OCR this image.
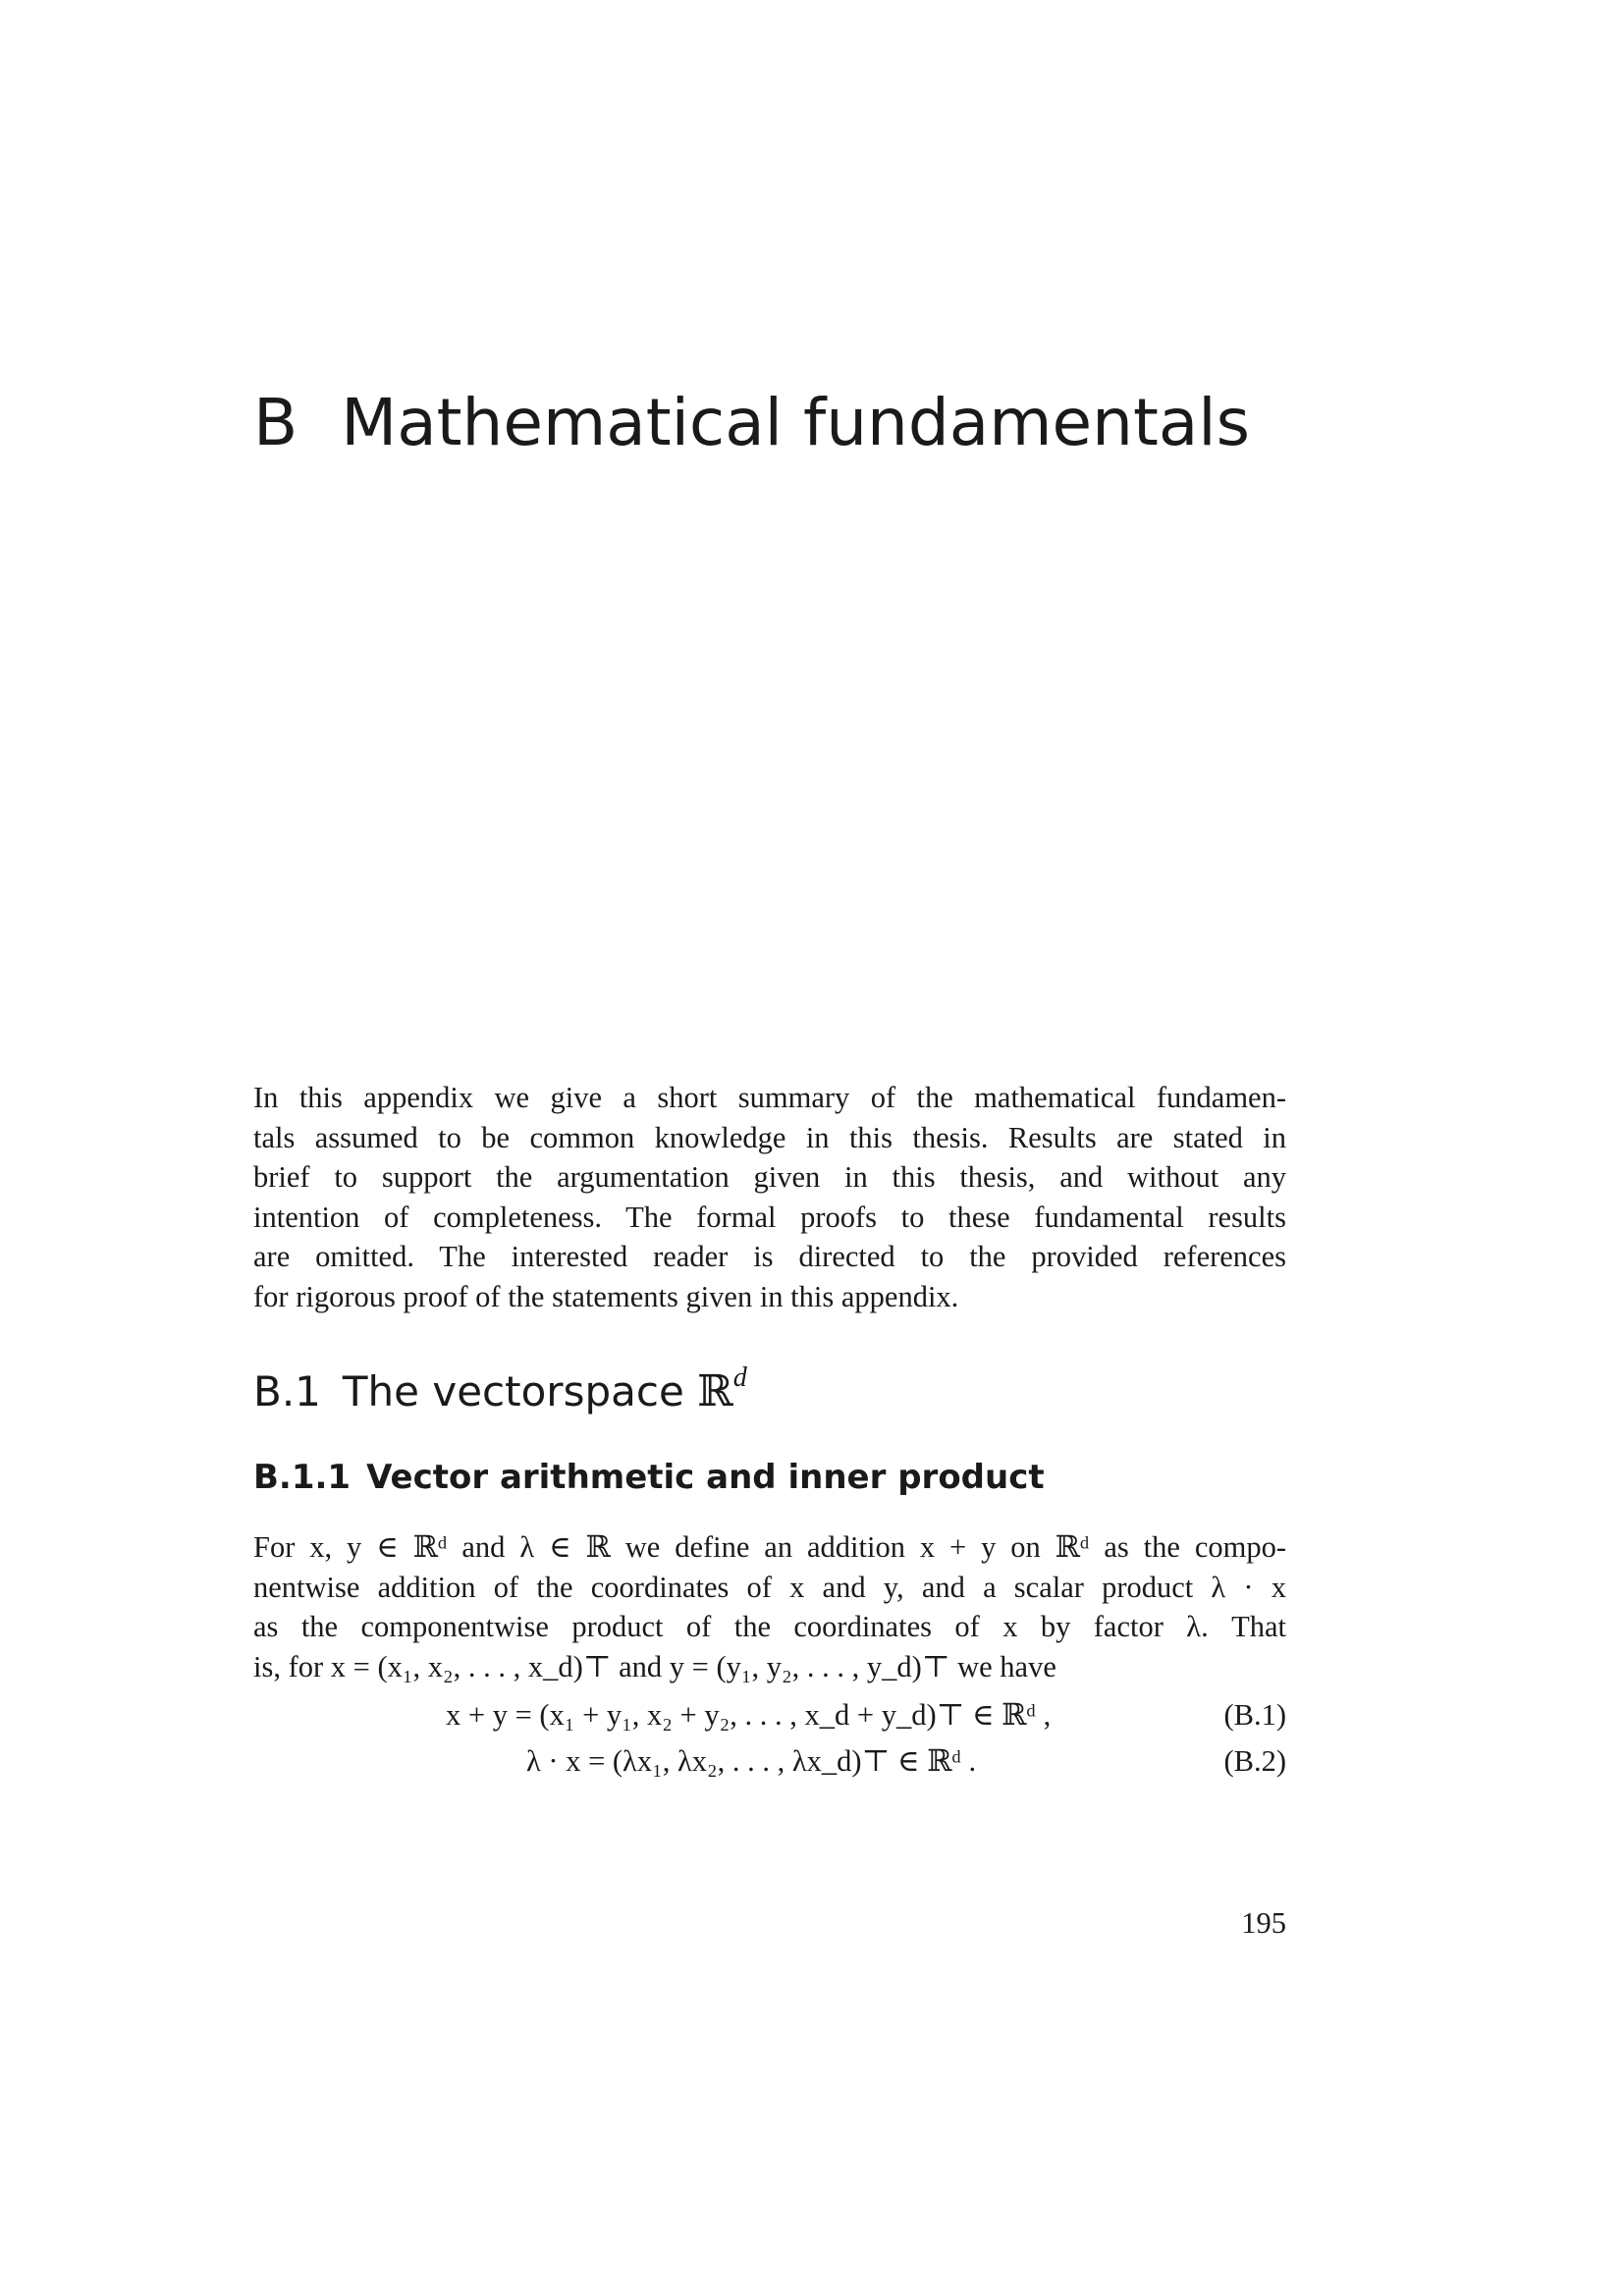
B Mathematical fundamentals
In this appendix we give a short summary of the mathematical fundamen-
tals assumed to be common knowledge in this thesis. Results are stated in
brief to support the argumentation given in this thesis, and without any
intention of completeness. The formal proofs to these fundamental results
are omitted. The interested reader is directed to the provided references
for rigorous proof of the statements given in this appendix.
B.1 The vectorspace ℝ$^d$
B.1.1 Vector arithmetic and inner product
For x, y ∈ ℝᵈ and λ ∈ ℝ we define an addition x + y on ℝᵈ as the compo-
nentwise addition of the coordinates of x and y, and a scalar product λ · x
as the componentwise product of the coordinates of x by factor λ. That
is, for x = (x₁, x₂, . . . , x_d)⊤ and y = (y₁, y₂, . . . , y_d)⊤ we have
x + y = (x₁ + y₁, x₂ + y₂, . . . , x_d + y_d)⊤ ∈ ℝᵈ ,	(B.1)
λ · x = (λx₁, λx₂, . . . , λx_d)⊤ ∈ ℝᵈ .	(B.2)
195
